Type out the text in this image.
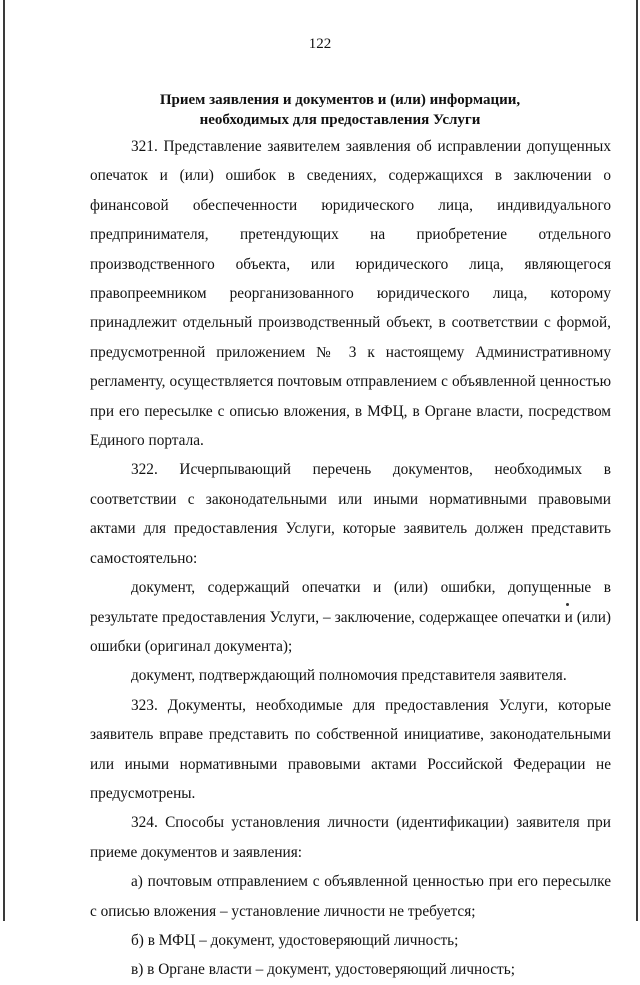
122
Прием заявления и документов и (или) информации,
необходимых для предоставления Услуги

321. Представление заявителем заявления об исправлении допущенных опечаток и (или) ошибок в сведениях, содержащихся в заключении о финансовой обеспеченности юридического лица, индивидуального предпринимателя, претендующих на приобретение отдельного производственного объекта, или юридического лица, являющегося правопреемником реорганизованного юридического лица, которому принадлежит отдельный производственный объект, в соответствии с формой, предусмотренной приложением № 3 к настоящему Административному регламенту, осуществляется почтовым отправлением с объявленной ценностью при его пересылке с описью вложения, в МФЦ, в Органе власти, посредством Единого портала.

322. Исчерпывающий перечень документов, необходимых в соответствии с законодательными или иными нормативными правовыми актами для предоставления Услуги, которые заявитель должен представить самостоятельно:

документ, содержащий опечатки и (или) ошибки, допущенные в результате предоставления Услуги, – заключение, содержащее опечатки и (или) ошибки (оригинал документа);

документ, подтверждающий полномочия представителя заявителя.

323. Документы, необходимые для предоставления Услуги, которые заявитель вправе представить по собственной инициативе, законодательными или иными нормативными правовыми актами Российской Федерации не предусмотрены.

324. Способы установления личности (идентификации) заявителя при приеме документов и заявления:

а) почтовым отправлением с объявленной ценностью при его пересылке с описью вложения – установление личности не требуется;

б) в МФЦ – документ, удостоверяющий личность;

в) в Органе власти – документ, удостоверяющий личность;
